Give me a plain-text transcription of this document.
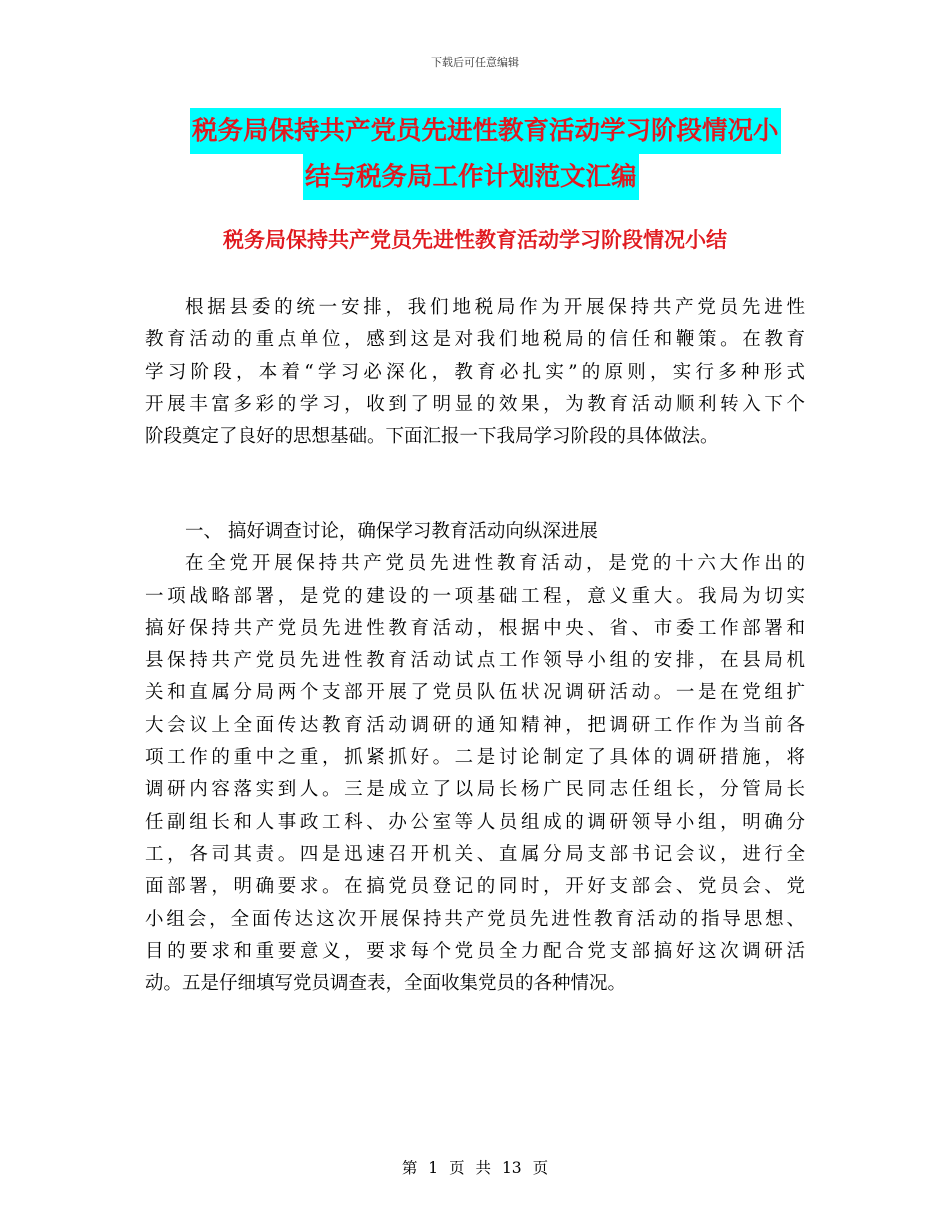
下载后可任意编辑
税务局保持共产党员先进性教育活动学习阶段情况小
结与税务局工作计划范文汇编
税务局保持共产党员先进性教育活动学习阶段情况小结
根据县委的统一安排，我们地税局作为开展保持共产党员先进性
教育活动的重点单位，感到这是对我们地税局的信任和鞭策。在教育
学习阶段，本着“学习必深化，教育必扎实”的原则，实行多种形式
开展丰富多彩的学习，收到了明显的效果，为教育活动顺利转入下个
阶段奠定了良好的思想基础。下面汇报一下我局学习阶段的具体做法。
一、 搞好调查讨论，确保学习教育活动向纵深进展
在全党开展保持共产党员先进性教育活动，是党的十六大作出的
一项战略部署，是党的建设的一项基础工程，意义重大。我局为切实
搞好保持共产党员先进性教育活动，根据中央、省、市委工作部署和
县保持共产党员先进性教育活动试点工作领导小组的安排，在县局机
关和直属分局两个支部开展了党员队伍状况调研活动。一是在党组扩
大会议上全面传达教育活动调研的通知精神，把调研工作作为当前各
项工作的重中之重，抓紧抓好。二是讨论制定了具体的调研措施，将
调研内容落实到人。三是成立了以局长杨广民同志任组长，分管局长
任副组长和人事政工科、办公室等人员组成的调研领导小组，明确分
工，各司其责。四是迅速召开机关、直属分局支部书记会议，进行全
面部署，明确要求。在搞党员登记的同时，开好支部会、党员会、党
小组会，全面传达这次开展保持共产党员先进性教育活动的指导思想、
目的要求和重要意义，要求每个党员全力配合党支部搞好这次调研活
动。五是仔细填写党员调查表，全面收集党员的各种情况。
第 1 页 共 13 页
